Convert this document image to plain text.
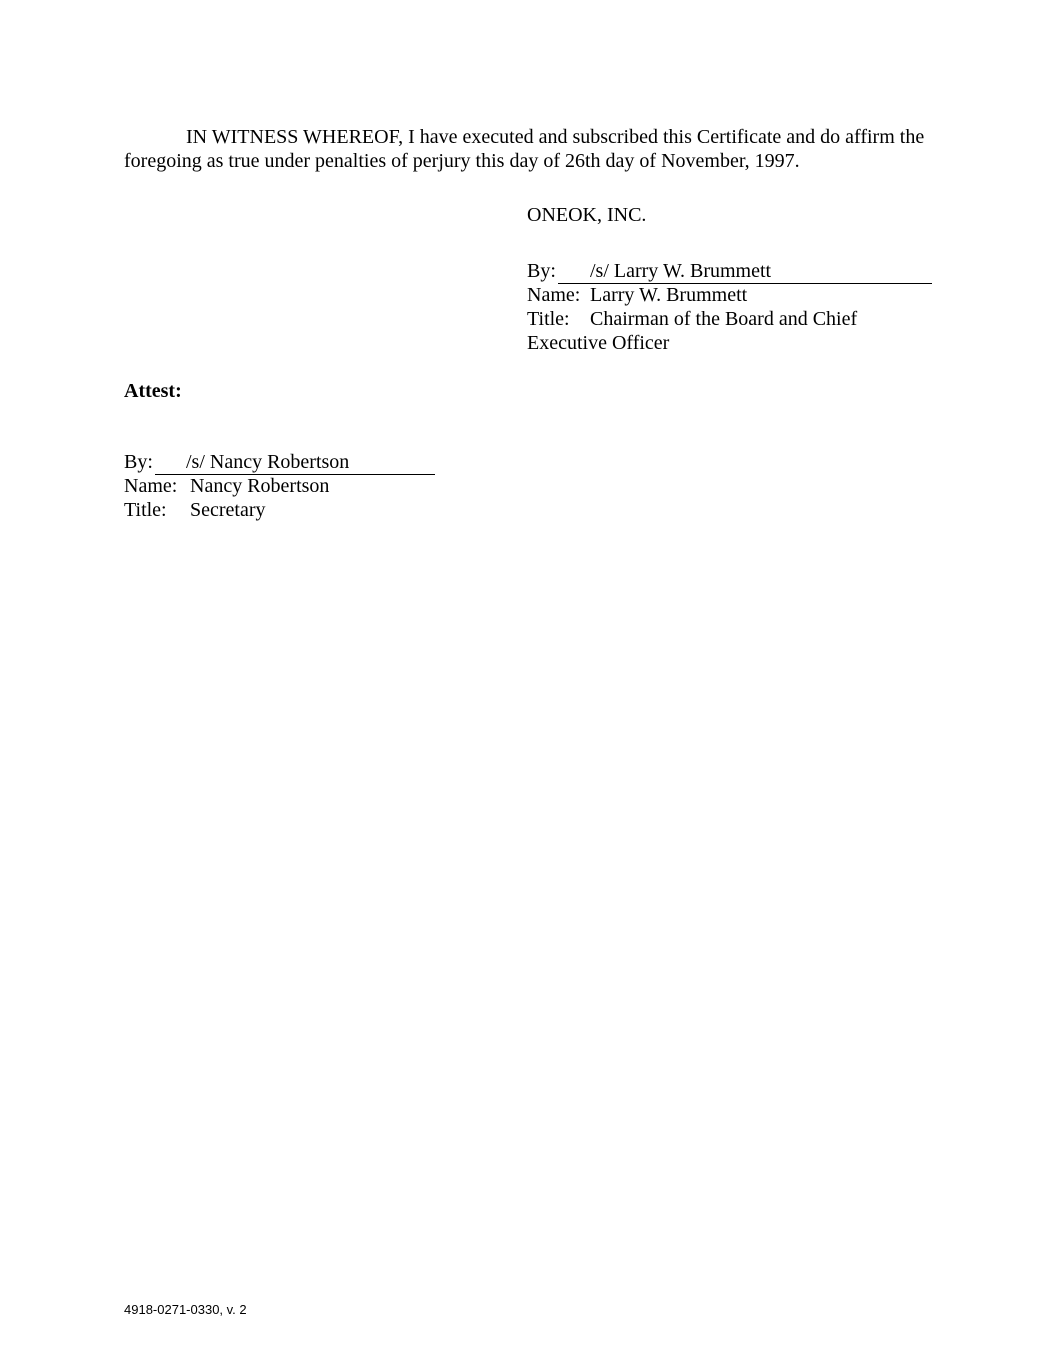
IN WITNESS WHEREOF, I have executed and subscribed this Certificate and do affirm the foregoing as true under penalties of perjury this day of 26th day of November, 1997.
ONEOK, INC.
By: /s/ Larry W. Brummett
Name: Larry W. Brummett
Title: Chairman of the Board and Chief
Executive Officer
Attest:
By: /s/ Nancy Robertson
Name: Nancy Robertson
Title: Secretary
4918-0271-0330, v. 2
